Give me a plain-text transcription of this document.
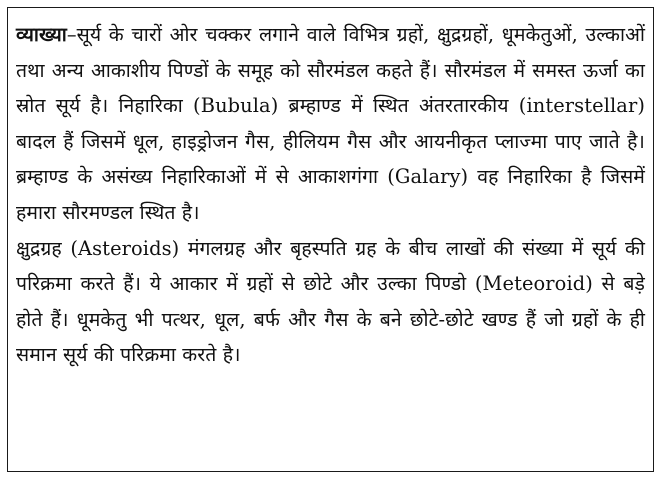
व्याख्या–सूर्य के चारों ओर चक्कर लगाने वाले विभित्र ग्रहों, क्षुद्रग्रहों, धूमकेतुओं, उल्काओं तथा अन्य आकाशीय पिण्डों के समूह को सौरमंडल कहते हैं। सौरमंडल में समस्त ऊर्जा का स्रोत सूर्य है। निहारिका (Bubula) ब्रम्हाण्ड में स्थित अंतरतारकीय (interstellar) बादल हैं जिसमें धूल, हाइड्रोजन गैस, हीलियम गैस और आयनीकृत प्लाज्मा पाए जाते है। ब्रम्हाण्ड के असंख्य निहारिकाओं में से आकाशगंगा (Galary) वह निहारिका है जिसमें हमारा सौरमण्डल स्थित है।

क्षुद्रग्रह (Asteroids) मंगलग्रह और बृहस्पति ग्रह के बीच लाखों की संख्या में सूर्य की परिक्रमा करते हैं। ये आकार में ग्रहों से छोटे और उल्का पिण्डो (Meteoroid) से बड़े होते हैं। धूमकेतु भी पत्थर, धूल, बर्फ और गैस के बने छोटे-छोटे खण्ड हैं जो ग्रहों के ही समान सूर्य की परिक्रमा करते है।
